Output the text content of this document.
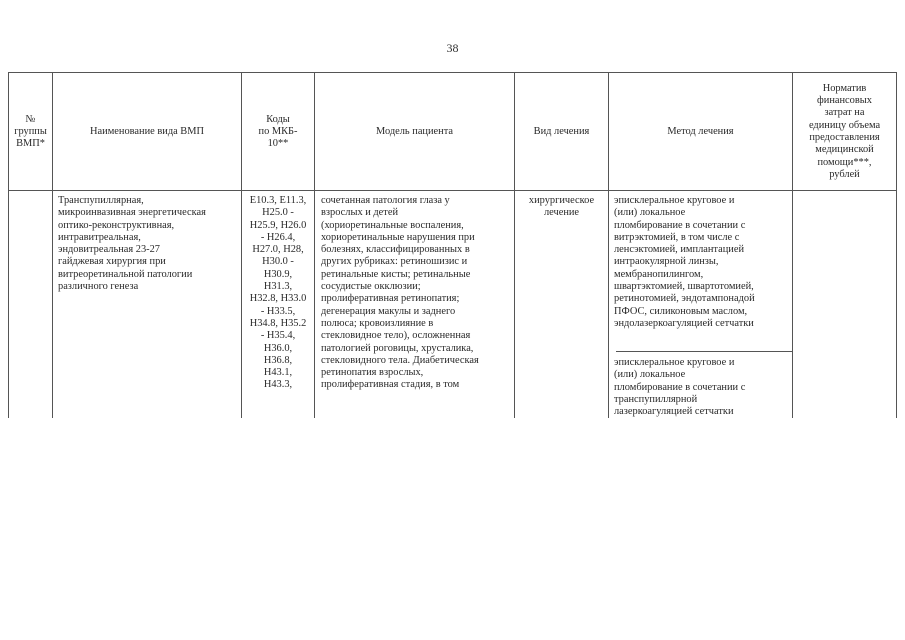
38
№
группы
ВМП*
Наименование вида ВМП
Коды
по МКБ-
10**
Модель пациента	Вид лечения	Метод лечения
Норматив
финансовых
затрат на
единицу объема
предоставления
медицинской
помощи***,
рублей
Транспупиллярная,
микроинвазивная энергетическая
оптико-реконструктивная,
интравитреальная,
эндовитреальная 23-27
гайджевая хирургия при
витреоретинальной патологии
различного генеза
E10.3, E11.3,
H25.0 -
H25.9, H26.0
- H26.4,
H27.0, H28,
H30.0 -
H30.9,
H31.3,
H32.8, H33.0
- H33.5,
H34.8, H35.2
- H35.4,
H36.0,
H36.8,
H43.1,
H43.3,
сочетанная патология глаза у
взрослых и детей
(хориоретинальные воспаления,
хориоретинальные нарушения при
болезнях, классифицированных в
других рубриках: ретиношизис и
ретинальные кисты; ретинальные
сосудистые окклюзии;
пролиферативная ретинопатия;
дегенерация макулы и заднего
полюса; кровоизлияние в
стекловидное тело), осложненная
патологией роговицы, хрусталика,
стекловидного тела. Диабетическая
ретинопатия взрослых,
пролиферативная стадия, в том
хирургическое
лечение
эписклеральное круговое и
(или) локальное
пломбирование в сочетании с
витрэктомией, в том числе с
ленсэктомией, имплантацией
интраокулярной линзы,
мембранопилингом,
швартэктомией, швартотомией,
ретинотомией, эндотампонадой
ПФОС, силиконовым маслом,
эндолазеркоагуляцией сетчатки
эписклеральное круговое и
(или) локальное
пломбирование в сочетании с
транспупиллярной
лазеркоагуляцией сетчатки
